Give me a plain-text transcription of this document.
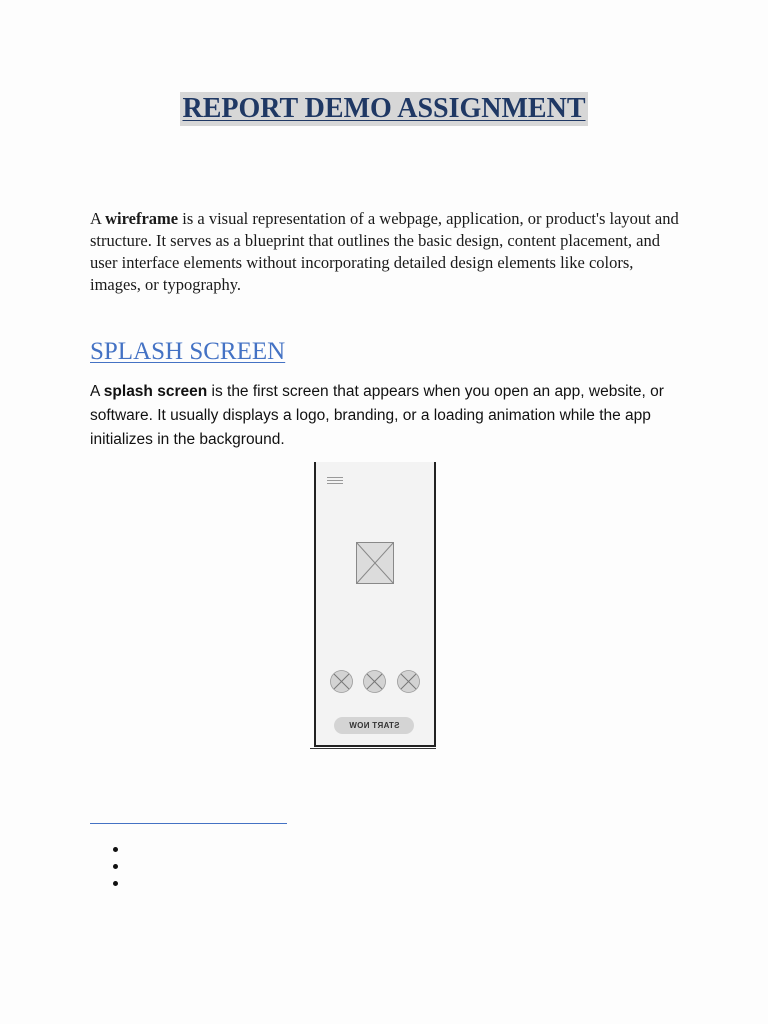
REPORT DEMO ASSIGNMENT

A wireframe is a visual representation of a webpage, application, or product's layout and structure. It serves as a blueprint that outlines the basic design, content placement, and user interface elements without incorporating detailed design elements like colors, images, or typography.

SPLASH SCREEN

A splash screen is the first screen that appears when you open an app, website, or software. It usually displays a logo, branding, or a loading animation while the app initializes in the background.

START NOW
